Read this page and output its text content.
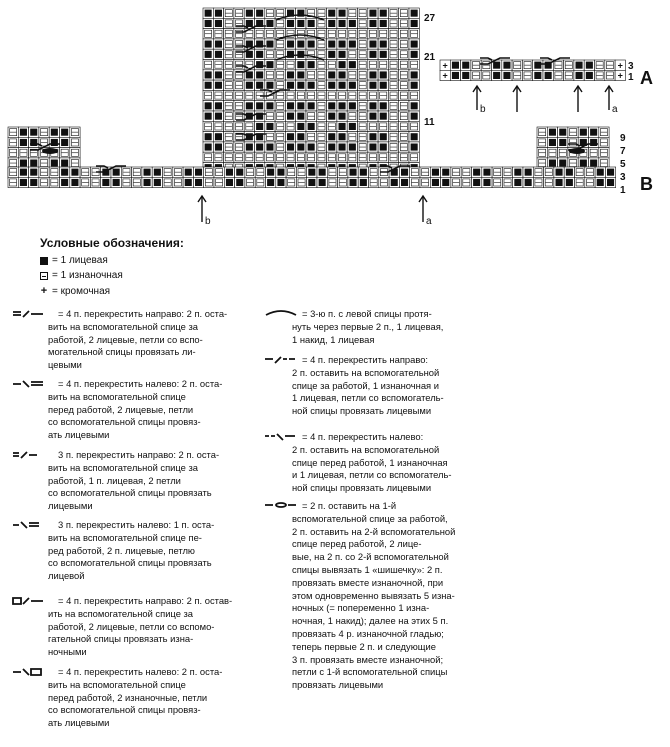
+	+
+	+
b	a
b	a
27
21
11
9
7
5
3
1
3
1 A
B
Условные обозначения:
= 1 лицевая
= 1 изнаночная
+ = кромочная
= 4 п. перекрестить направо: 2 п. оста-
вить на вспомогательной спице за
работой, 2 лицевые, петли со вспо-
могательной спицы провязать ли-
цевыми
= 4 п. перекрестить налево: 2 п. оста-
вить на вспомогательной спице
перед работой, 2 лицевые, петли
со вспомогательной спицы провяз-
ать лицевыми
3 п. перекрестить направо: 2 п. оста-
вить на вспомогательной спице за
работой, 1 п. лицевая, 2 петли
со вспомогательной спицы провязать
лицевыми
3 п. перекрестить налево: 1 п. оста-
вить на вспомогательной спице пе-
ред работой, 2 п. лицевые, петлю
со вспомогательной спицы провязать
лицевой
= 4 п. перекрестить направо: 2 п. остав-
ить на вспомогательной спице за
работой, 2 лицевые, петли со вспомо-
гательной спицы провязать изна-
ночными
= 4 п. перекрестить налево: 2 п. оста-
вить на вспомогательной спице
перед работой, 2 изнаночные, петли
со вспомогательной спицы провяз-
ать лицевыми
= 3-ю п. с левой спицы протя-
нуть через первые 2 п., 1 лицевая,
1 накид, 1 лицевая
= 4 п. перекрестить направо:
2 п. оставить на вспомогательной
спице за работой, 1 изнаночная и
1 лицевая, петли со вспомогатель-
ной спицы провязать лицевыми
= 4 п. перекрестить налево:
2 п. оставить на вспомогательной
спице перед работой, 1 изнаночная
и 1 лицевая, петли со вспомогатель-
ной спицы провязать лицевыми
= 2 п. оставить на 1-й
вспомогательной спице за работой,
2 п. оставить на 2-й вспомогательной
спице перед работой, 2 лице-
вые, на 2 п. со 2-й вспомогательной
спицы вывязать 1 «шишечку»: 2 п.
провязать вместе изнаночной, при
этом одновременно вывязать 5 изна-
ночных (= попеременно 1 изна-
ночная, 1 накид); далее на этих 5 п.
провязать 4 р. изнаночной гладью;
теперь первые 2 п. и следующие
3 п. провязать вместе изнаночной;
петли с 1-й вспомогательной спицы
провязать лицевыми
